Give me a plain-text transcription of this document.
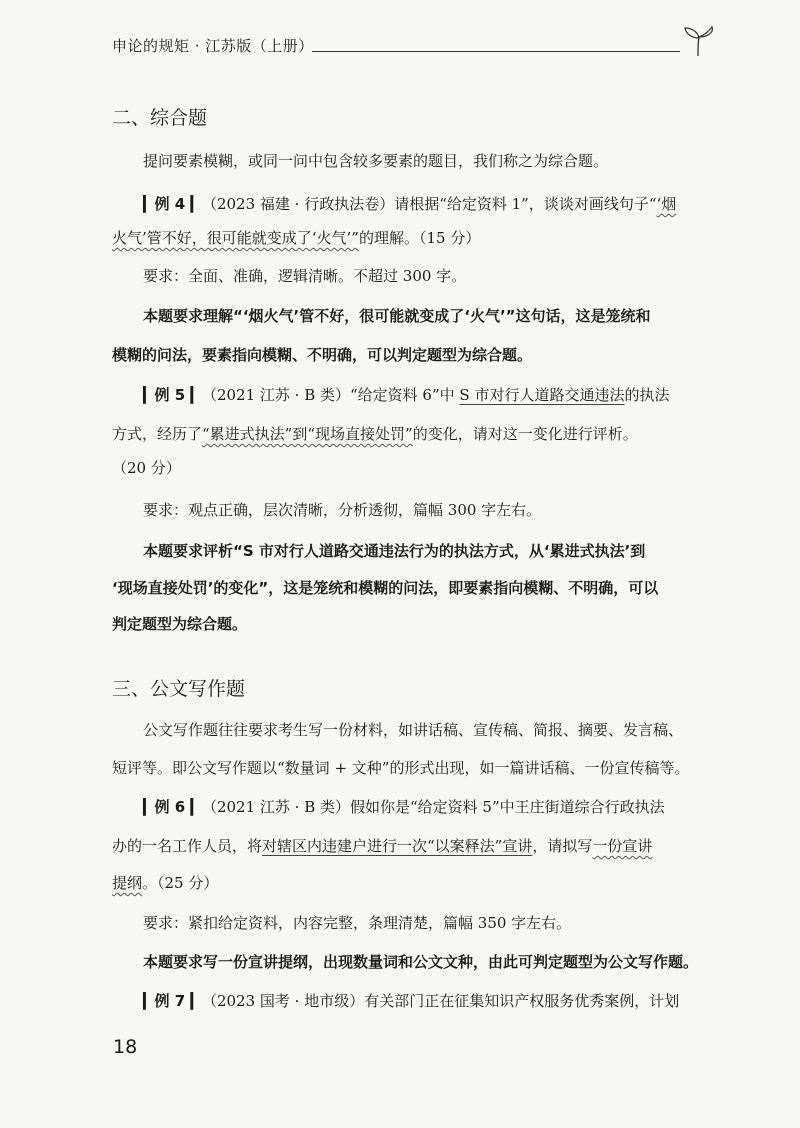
申论的规矩 · 江苏版（上册）
二、综合题
提问要素模糊，或同一问中包含较多要素的题目，我们称之为综合题。
▎例 4 ▎（2023 福建 · 行政执法卷）请根据“给定资料 1”，谈谈对画线句子“‘烟
火气’管不好，很可能就变成了‘火气’”的理解。（15 分）
要求：全面、准确，逻辑清晰。不超过 300 字。
本题要求理解“‘烟火气’管不好，很可能就变成了‘火气’”这句话，这是笼统和
模糊的问法，要素指向模糊、不明确，可以判定题型为综合题。
▎例 5 ▎（2021 江苏 · B 类）“给定资料 6”中 S 市对行人道路交通违法的执法
方式，经历了“累进式执法”到“现场直接处罚”的变化，请对这一变化进行评析。
（20 分）
要求：观点正确，层次清晰，分析透彻，篇幅 300 字左右。
本题要求评析“S 市对行人道路交通违法行为的执法方式，从‘累进式执法’到
‘现场直接处罚’的变化”，这是笼统和模糊的问法，即要素指向模糊、不明确，可以
判定题型为综合题。
三、公文写作题
公文写作题往往要求考生写一份材料，如讲话稿、宣传稿、简报、摘要、发言稿、
短评等。即公文写作题以“数量词 + 文种”的形式出现，如一篇讲话稿、一份宣传稿等。
▎例 6 ▎（2021 江苏 · B 类）假如你是“给定资料 5”中王庄街道综合行政执法
办的一名工作人员，将对辖区内违建户进行一次“以案释法”宣讲，请拟写一份宣讲
提纲。（25 分）
要求：紧扣给定资料，内容完整，条理清楚，篇幅 350 字左右。
本题要求写一份宣讲提纲，出现数量词和公文文种，由此可判定题型为公文写作题。
▎例 7 ▎（2023 国考 · 地市级）有关部门正在征集知识产权服务优秀案例，计划
18
